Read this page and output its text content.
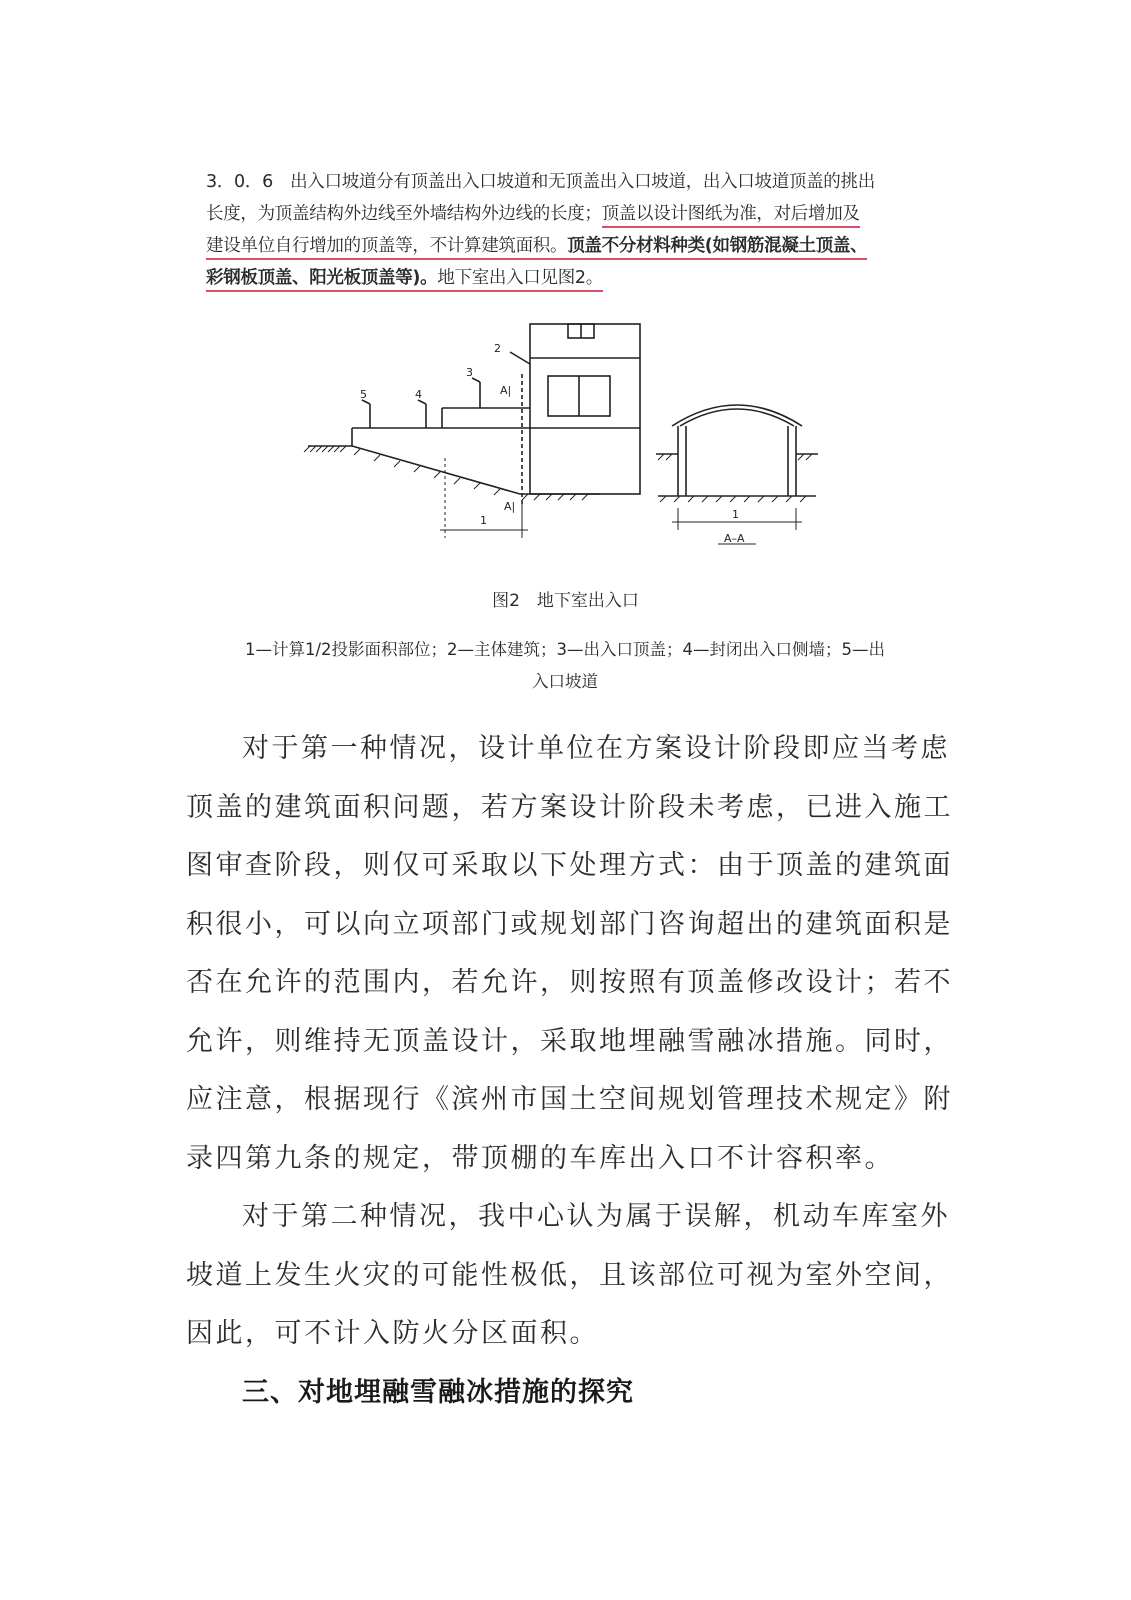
3．0．6　出入口坡道分有顶盖出入口坡道和无顶盖出入口坡道，出入口坡道顶盖的挑出
长度，为顶盖结构外边线至外墙结构外边线的长度；顶盖以设计图纸为准，对后增加及
建设单位自行增加的顶盖等，不计算建筑面积。顶盖不分材料种类(如钢筋混凝土顶盖、
彩钢板顶盖、阳光板顶盖等)。地下室出入口见图2。
5	4
3
2
A|
A|
1	1
A–A
图2　地下室出入口
1—计算1/2投影面积部位；2—主体建筑；3—出入口顶盖；4—封闭出入口侧墙；5—出
入口坡道

对于第一种情况，设计单位在方案设计阶段即应当考虑顶盖的建筑面积问题，若方案设计阶段未考虑，已进入施工图审查阶段，则仅可采取以下处理方式：由于顶盖的建筑面积很小，可以向立项部门或规划部门咨询超出的建筑面积是否在允许的范围内，若允许，则按照有顶盖修改设计；若不允许，则维持无顶盖设计，采取地埋融雪融冰措施。同时，应注意，根据现行《滨州市国土空间规划管理技术规定》附录四第九条的规定，带顶棚的车库出入口不计容积率。

对于第二种情况，我中心认为属于误解，机动车库室外坡道上发生火灾的可能性极低，且该部位可视为室外空间，因此，可不计入防火分区面积。

三、对地埋融雪融冰措施的探究
